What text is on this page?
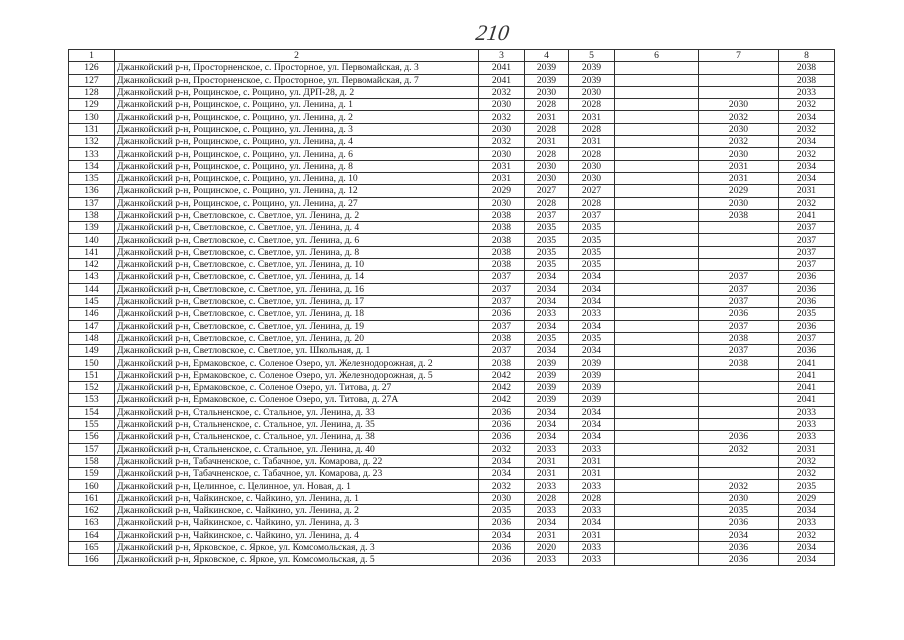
210
1	2	3	4	5	6	7	8
126	Джанкойский р-н, Просторненское, с. Просторное, ул. Первомайская, д. 3	2041	2039	2039			2038
127	Джанкойский р-н, Просторненское, с. Просторное, ул. Первомайская, д. 7	2041	2039	2039			2038
128	Джанкойский р-н, Рощинское, с. Рощино, ул. ДРП-28, д. 2	2032	2030	2030			2033
129	Джанкойский р-н, Рощинское, с. Рощино, ул. Ленина, д. 1	2030	2028	2028		2030	2032
130	Джанкойский р-н, Рощинское, с. Рощино, ул. Ленина, д. 2	2032	2031	2031		2032	2034
131	Джанкойский р-н, Рощинское, с. Рощино, ул. Ленина, д. 3	2030	2028	2028		2030	2032
132	Джанкойский р-н, Рощинское, с. Рощино, ул. Ленина, д. 4	2032	2031	2031		2032	2034
133	Джанкойский р-н, Рощинское, с. Рощино, ул. Ленина, д. 6	2030	2028	2028		2030	2032
134	Джанкойский р-н, Рощинское, с. Рощино, ул. Ленина, д. 8	2031	2030	2030		2031	2034
135	Джанкойский р-н, Рощинское, с. Рощино, ул. Ленина, д. 10	2031	2030	2030		2031	2034
136	Джанкойский р-н, Рощинское, с. Рощино, ул. Ленина, д. 12	2029	2027	2027		2029	2031
137	Джанкойский р-н, Рощинское, с. Рощино, ул. Ленина, д. 27	2030	2028	2028		2030	2032
138	Джанкойский р-н, Светловское, с. Светлое, ул. Ленина, д. 2	2038	2037	2037		2038	2041
139	Джанкойский р-н, Светловское, с. Светлое, ул. Ленина, д. 4	2038	2035	2035			2037
140	Джанкойский р-н, Светловское, с. Светлое, ул. Ленина, д. 6	2038	2035	2035			2037
141	Джанкойский р-н, Светловское, с. Светлое, ул. Ленина, д. 8	2038	2035	2035			2037
142	Джанкойский р-н, Светловское, с. Светлое, ул. Ленина, д. 10	2038	2035	2035			2037
143	Джанкойский р-н, Светловское, с. Светлое, ул. Ленина, д. 14	2037	2034	2034		2037	2036
144	Джанкойский р-н, Светловское, с. Светлое, ул. Ленина, д. 16	2037	2034	2034		2037	2036
145	Джанкойский р-н, Светловское, с. Светлое, ул. Ленина, д. 17	2037	2034	2034		2037	2036
146	Джанкойский р-н, Светловское, с. Светлое, ул. Ленина, д. 18	2036	2033	2033		2036	2035
147	Джанкойский р-н, Светловское, с. Светлое, ул. Ленина, д. 19	2037	2034	2034		2037	2036
148	Джанкойский р-н, Светловское, с. Светлое, ул. Ленина, д. 20	2038	2035	2035		2038	2037
149	Джанкойский р-н, Светловское, с. Светлое, ул. Школьная, д. 1	2037	2034	2034		2037	2036
150	Джанкойский р-н, Ермаковское, с. Соленое Озеро, ул. Железнодорожная, д. 2	2038	2039	2039		2038	2041
151	Джанкойский р-н, Ермаковское, с. Соленое Озеро, ул. Железнодорожная, д. 5	2042	2039	2039			2041
152	Джанкойский р-н, Ермаковское, с. Соленое Озеро, ул. Титова, д. 27	2042	2039	2039			2041
153	Джанкойский р-н, Ермаковское, с. Соленое Озеро, ул. Титова, д. 27А	2042	2039	2039			2041
154	Джанкойский р-н, Стальненское, с. Стальное, ул. Ленина, д. 33	2036	2034	2034			2033
155	Джанкойский р-н, Стальненское, с. Стальное, ул. Ленина, д. 35	2036	2034	2034			2033
156	Джанкойский р-н, Стальненское, с. Стальное, ул. Ленина, д. 38	2036	2034	2034		2036	2033
157	Джанкойский р-н, Стальненское, с. Стальное, ул. Ленина, д. 40	2032	2033	2033		2032	2031
158	Джанкойский р-н, Табачненское, с. Табачное, ул. Комарова, д. 22	2034	2031	2031			2032
159	Джанкойский р-н, Табачненское, с. Табачное, ул. Комарова, д. 23	2034	2031	2031			2032
160	Джанкойский р-н, Целинное, с. Целинное, ул. Новая, д. 1	2032	2033	2033		2032	2035
161	Джанкойский р-н, Чайкинское, с. Чайкино, ул. Ленина, д. 1	2030	2028	2028		2030	2029
162	Джанкойский р-н, Чайкинское, с. Чайкино, ул. Ленина, д. 2	2035	2033	2033		2035	2034
163	Джанкойский р-н, Чайкинское, с. Чайкино, ул. Ленина, д. 3	2036	2034	2034		2036	2033
164	Джанкойский р-н, Чайкинское, с. Чайкино, ул. Ленина, д. 4	2034	2031	2031		2034	2032
165	Джанкойский р-н, Ярковское, с. Яркое, ул. Комсомольская, д. 3	2036	2020	2033		2036	2034
166	Джанкойский р-н, Ярковское, с. Яркое, ул. Комсомольская, д. 5	2036	2033	2033		2036	2034
